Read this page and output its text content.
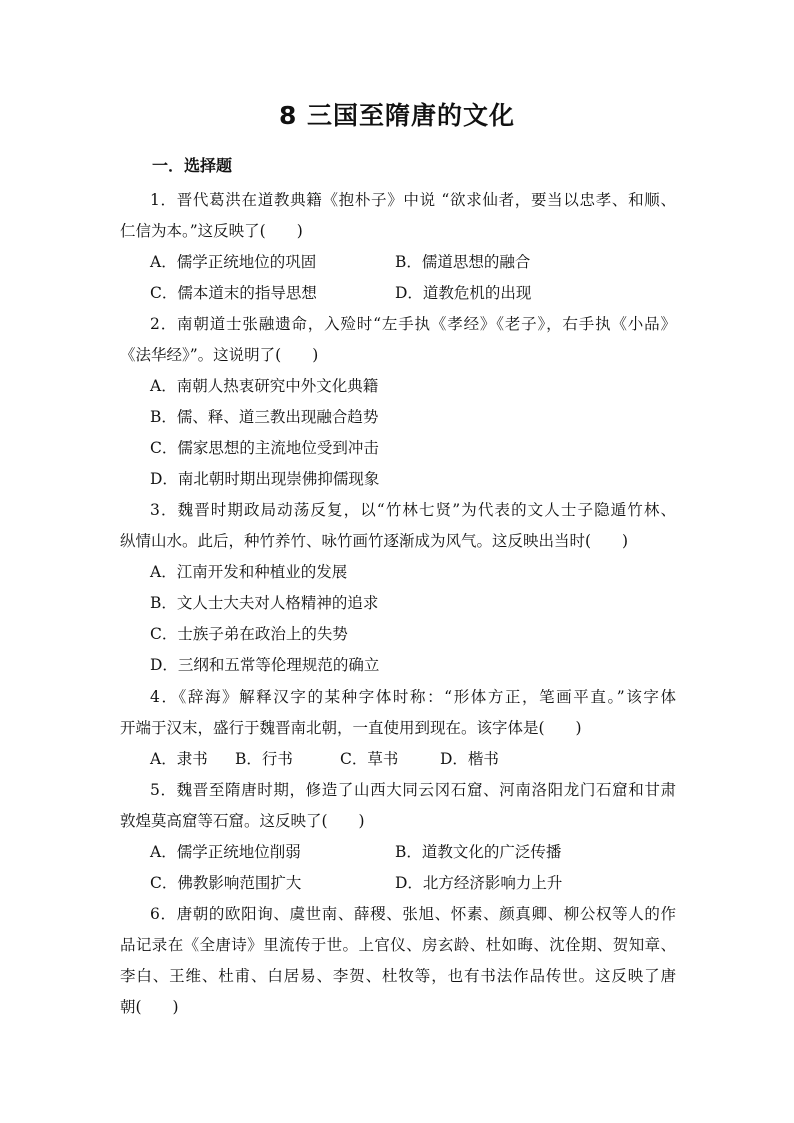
8 三国至隋唐的文化
一．选择题
1．晋代葛洪在道教典籍《抱朴子》中说 “欲求仙者，要当以忠孝、和顺、
仁信为本。”这反映了(　　)
A．儒学正统地位的巩固	B．儒道思想的融合
C．儒本道末的指导思想	D．道教危机的出现
2．南朝道士张融遗命，入殓时“左手执《孝经》《老子》，右手执《小品》
《法华经》”。这说明了(　　)
A．南朝人热衷研究中外文化典籍
B．儒、释、道三教出现融合趋势
C．儒家思想的主流地位受到冲击
D．南北朝时期出现崇佛抑儒现象
3．魏晋时期政局动荡反复，以“竹林七贤”为代表的文人士子隐遁竹林、
纵情山水。此后，种竹养竹、咏竹画竹逐渐成为风气。这反映出当时(　　)
A．江南开发和种植业的发展
B．文人士大夫对人格精神的追求
C．士族子弟在政治上的失势
D．三纲和五常等伦理规范的确立
4．《辞海》解释汉字的某种字体时称：“形体方正，笔画平直。”该字体
开端于汉末，盛行于魏晋南北朝，一直使用到现在。该字体是(　　)
A．隶书 B．行书	C．草书	D．楷书
5．魏晋至隋唐时期，修造了山西大同云冈石窟、河南洛阳龙门石窟和甘肃
敦煌莫高窟等石窟。这反映了(　　)
A．儒学正统地位削弱	B．道教文化的广泛传播
C．佛教影响范围扩大	D．北方经济影响力上升
6．唐朝的欧阳询、虞世南、薛稷、张旭、怀素、颜真卿、柳公权等人的作
品记录在《全唐诗》里流传于世。上官仪、房玄龄、杜如晦、沈佺期、贺知章、
李白、王维、杜甫、白居易、李贺、杜牧等，也有书法作品传世。这反映了唐
朝(　　)
